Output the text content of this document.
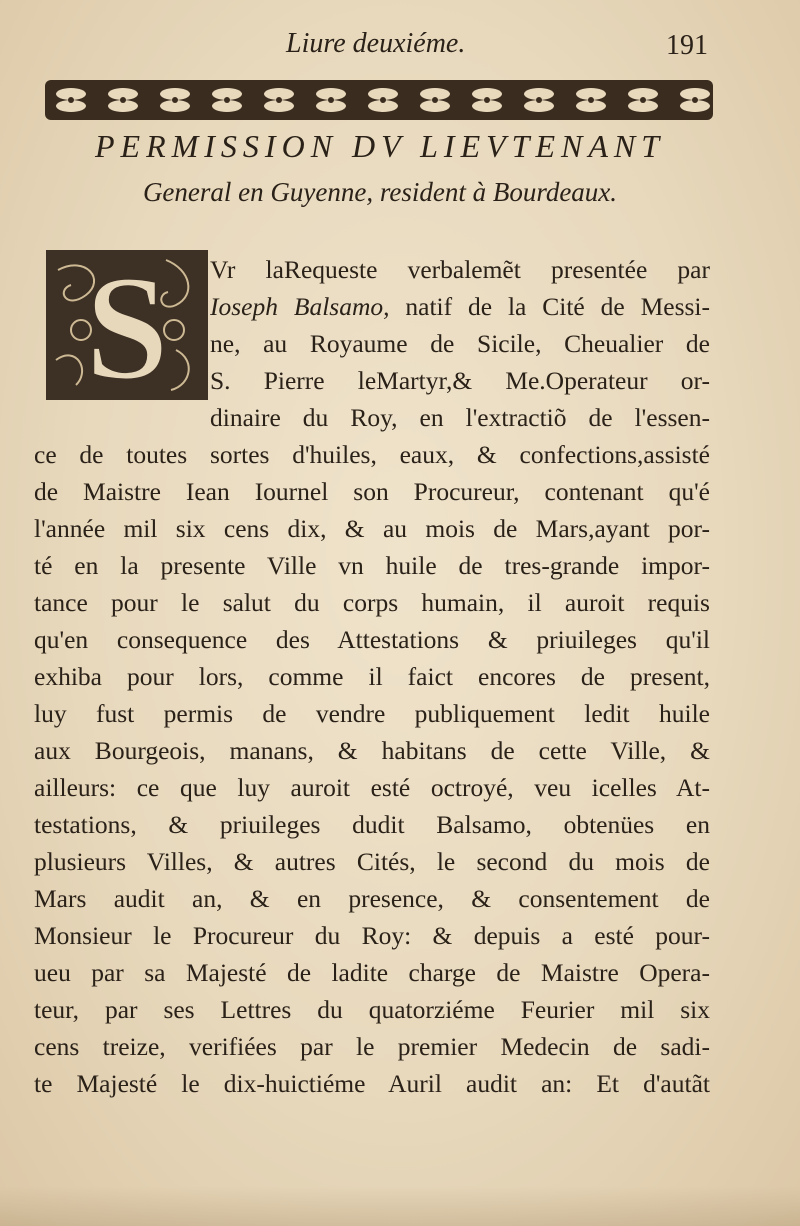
Liure deuxiéme.	191
PERMISSION DV LIEVTENANT
General en Guyenne, resident à Bourdeaux.
S Vr laRequeste verbalemẽt presentée par
Ioseph Balsamo, natif de la Cité de Messi-
ne, au Royaume de Sicile, Cheualier de
S. Pierre leMartyr,& Me.Operateur or-
dinaire du Roy, en l'extractiõ de l'essen-
ce de toutes sortes d'huiles, eaux, & confections,assisté
de Maistre Iean Iournel son Procureur, contenant qu'é
l'année mil six cens dix, & au mois de Mars,ayant por-
té en la presente Ville vn huile de tres-grande impor-
tance pour le salut du corps humain, il auroit requis
qu'en consequence des Attestations & priuileges qu'il
exhiba pour lors, comme il faict encores de present,
luy fust permis de vendre publiquement ledit huile
aux Bourgeois, manans, & habitans de cette Ville, &
ailleurs: ce que luy auroit esté octroyé, veu icelles At-
testations, & priuileges dudit Balsamo, obtenües en
plusieurs Villes, & autres Cités, le second du mois de
Mars audit an, & en presence, & consentement de
Monsieur le Procureur du Roy: & depuis a esté pour-
ueu par sa Majesté de ladite charge de Maistre Opera-
teur, par ses Lettres du quatorziéme Feurier mil six
cens treize, verifiées par le premier Medecin de sadi-
te Majesté le dix-huictiéme Auril audit an: Et d'autãt
